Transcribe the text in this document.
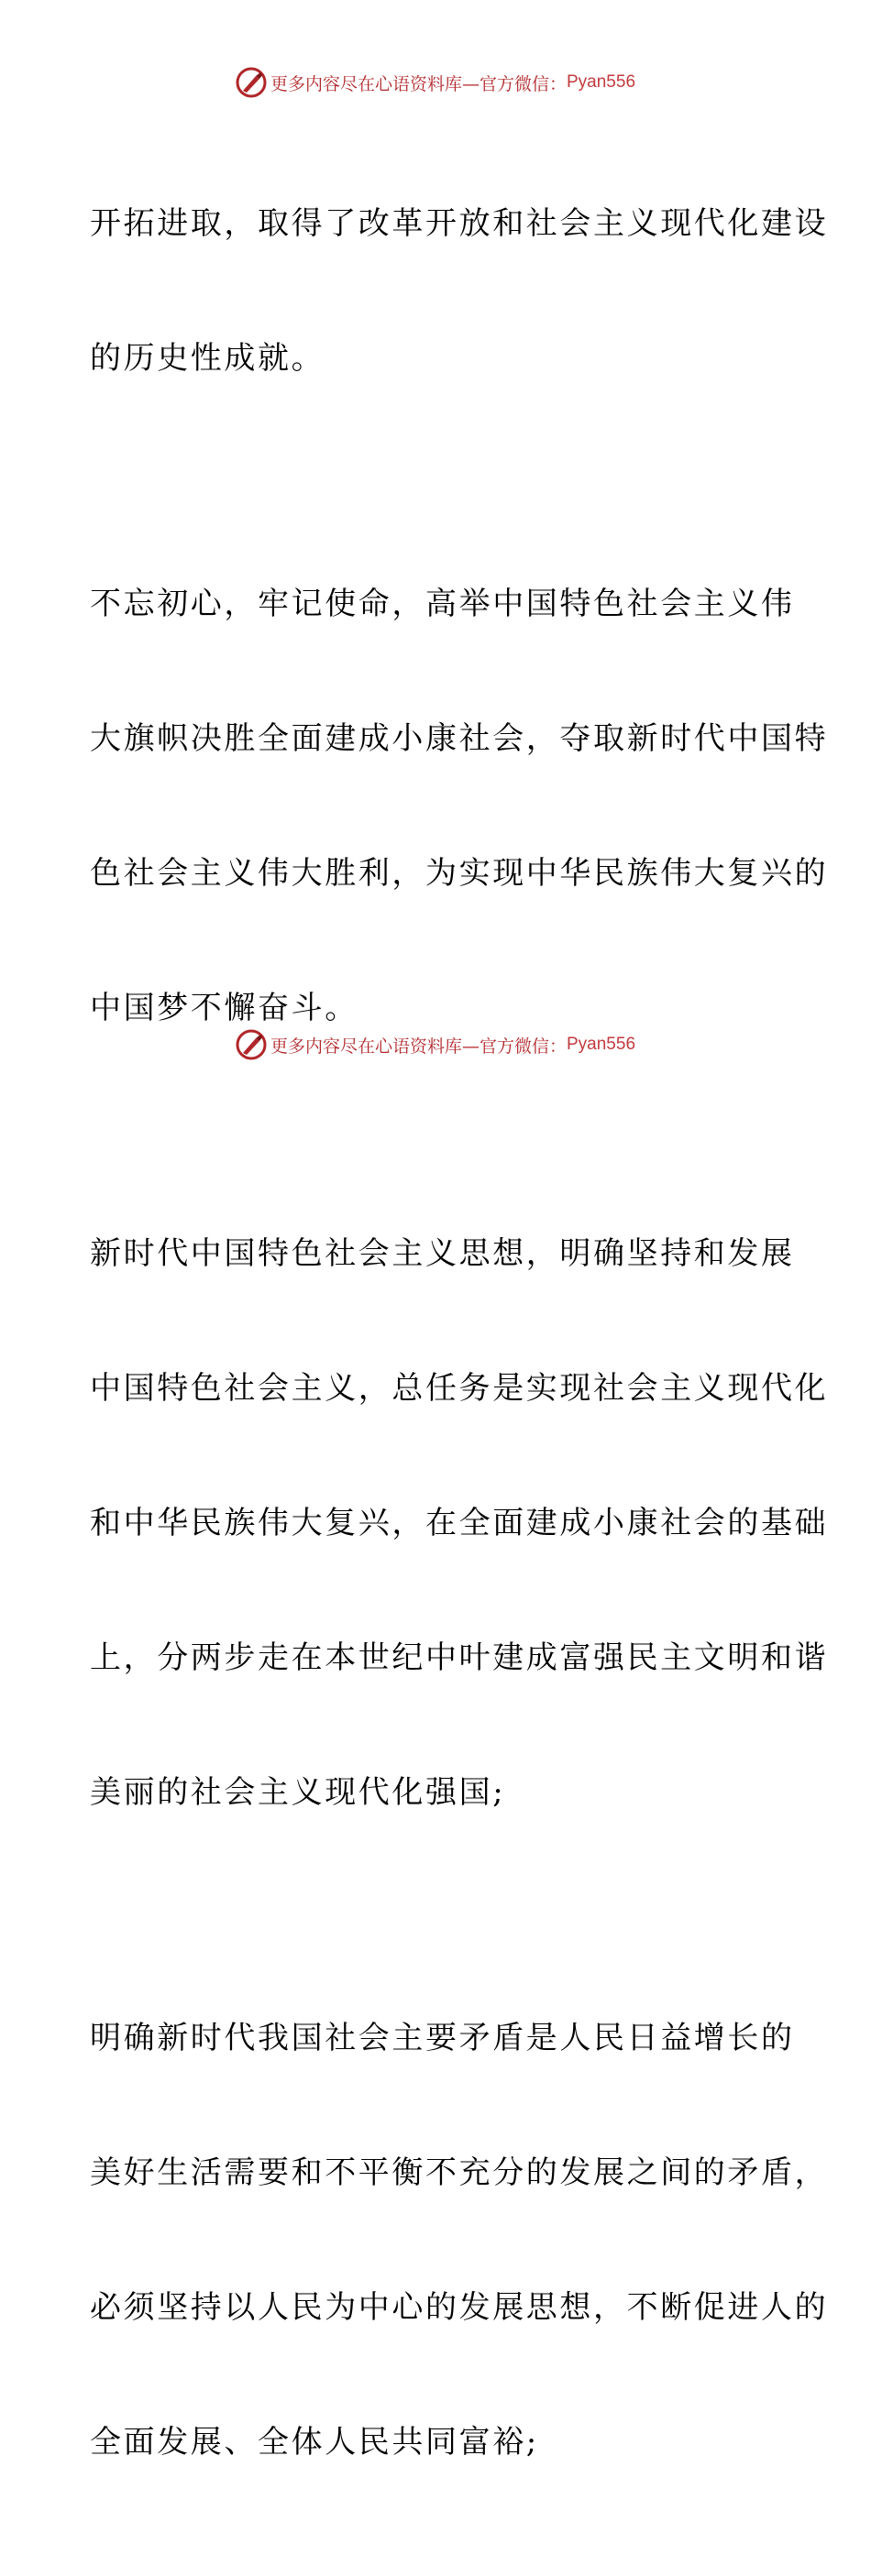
更多内容尽在心语资料库—官方微信： Pyan556

开拓进取，取得了改革开放和社会主义现代化建设

的历史性成就。

不忘初心，牢记使命，高举中国特色社会主义伟

大旗帜决胜全面建成小康社会，夺取新时代中国特

色社会主义伟大胜利，为实现中华民族伟大复兴的

中国梦不懈奋斗。

新时代中国特色社会主义思想，明确坚持和发展

中国特色社会主义，总任务是实现社会主义现代化

和中华民族伟大复兴，在全面建成小康社会的基础

上，分两步走在本世纪中叶建成富强民主文明和谐

美丽的社会主义现代化强国;

明确新时代我国社会主要矛盾是人民日益增长的

美好生活需要和不平衡不充分的发展之间的矛盾，

必须坚持以人民为中心的发展思想，不断促进人的

全面发展、全体人民共同富裕;

更多内容尽在心语资料库—官方微信： Pyan556
